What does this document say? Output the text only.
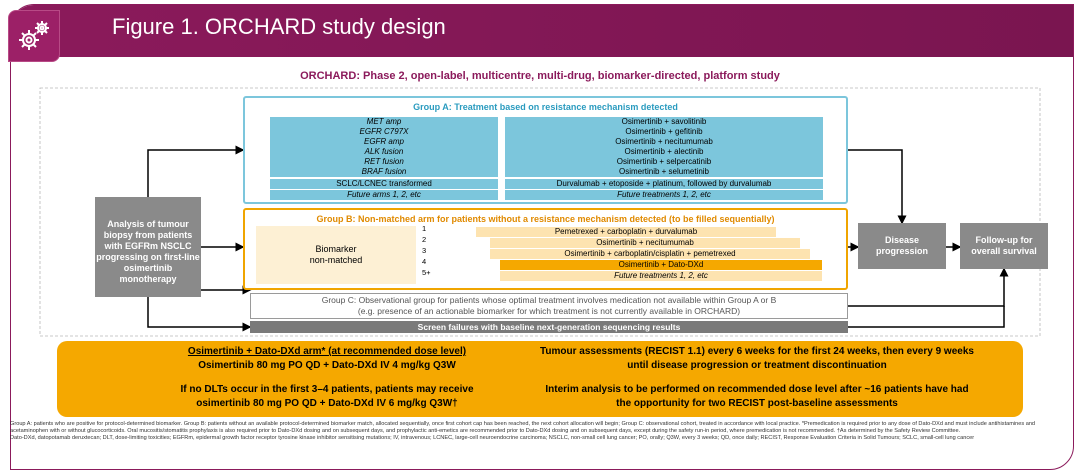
Figure 1. ORCHARD study design
ORCHARD: Phase 2, open-label, multicentre, multi-drug, biomarker-directed, platform study
Group A: Treatment based on resistance mechanism detected
MET amp	Osimertinib + savolitinib
EGFR C797X	Osimertinib + gefitinib
EGFR amp	Osimertinib + necitumumab
ALK fusion	Osimertinib + alectinib
RET fusion	Osimertinib + selpercatinib
BRAF fusion	Osimertinib + selumetinib
SCLC/LCNEC transformed	Durvalumab + etoposide + platinum, followed by durvalumab
Future arms 1, 2, etc	Future treatments 1, 2, etc
Group B: Non-matched arm for patients without a resistance mechanism detected (to be filled sequentially)
Biomarker
non-matched
1	Pemetrexed + carboplatin + durvalumab
2	Osimertinib + necitumumab
3	Osimertinib + carboplatin/cisplatin + pemetrexed
4	Osimertinib + Dato-DXd
5+	Future treatments 1, 2, etc
Group C: Observational group for patients whose optimal treatment involves medication not available within Group A or B
(e.g. presence of an actionable biomarker for which treatment is not currently available in ORCHARD)
Screen failures with baseline next-generation sequencing results
Analysis of tumour biopsy from patients with EGFRm NSCLC progressing on first-line osimertinib monotherapy
Disease progression
Follow-up for overall survival
Osimertinib + Dato-DXd arm* (at recommended dose level)
Osimertinib 80 mg PO QD + Dato-DXd IV 4 mg/kg Q3W
If no DLTs occur in the first 3–4 patients, patients may receive osimertinib 80 mg PO QD + Dato-DXd IV 6 mg/kg Q3W†
Tumour assessments (RECIST 1.1) every 6 weeks for the first 24 weeks, then every 9 weeks until disease progression or treatment discontinuation
Interim analysis to be performed on recommended dose level after ~16 patients have had the opportunity for two RECIST post-baseline assessments
Group A: patients who are positive for protocol-determined biomarker. Group B: patients without an available protocol-determined biomarker match, allocated sequentially, once first cohort cap has been reached, the next cohort allocation will begin; Group C: observational cohort, treated in accordance with local practice. *Premedication is required prior to any dose of Dato-DXd and must include antihistamines and acetaminophen with or without glucocorticoids. Oral mucositis/stomatitis prophylaxis is also required prior to Dato-DXd dosing and on subsequent days, and prophylactic anti-emetics are recommended prior to Dato-DXd dosing and on subsequent days, except during the safety run-in period, where premedication is not recommended. †As determined by the Safety Review Committee.
Dato-DXd, datopotamab deruxtecan; DLT, dose-limiting toxicities; EGFRm, epidermal growth factor receptor tyrosine kinase inhibitor sensitising mutations; IV, intravenous; LCNEC, large-cell neuroendocrine carcinoma; NSCLC, non-small cell lung cancer; PO, orally; Q3W, every 3 weeks; QD, once daily; RECIST, Response Evaluation Criteria in Solid Tumours; SCLC, small-cell lung cancer
